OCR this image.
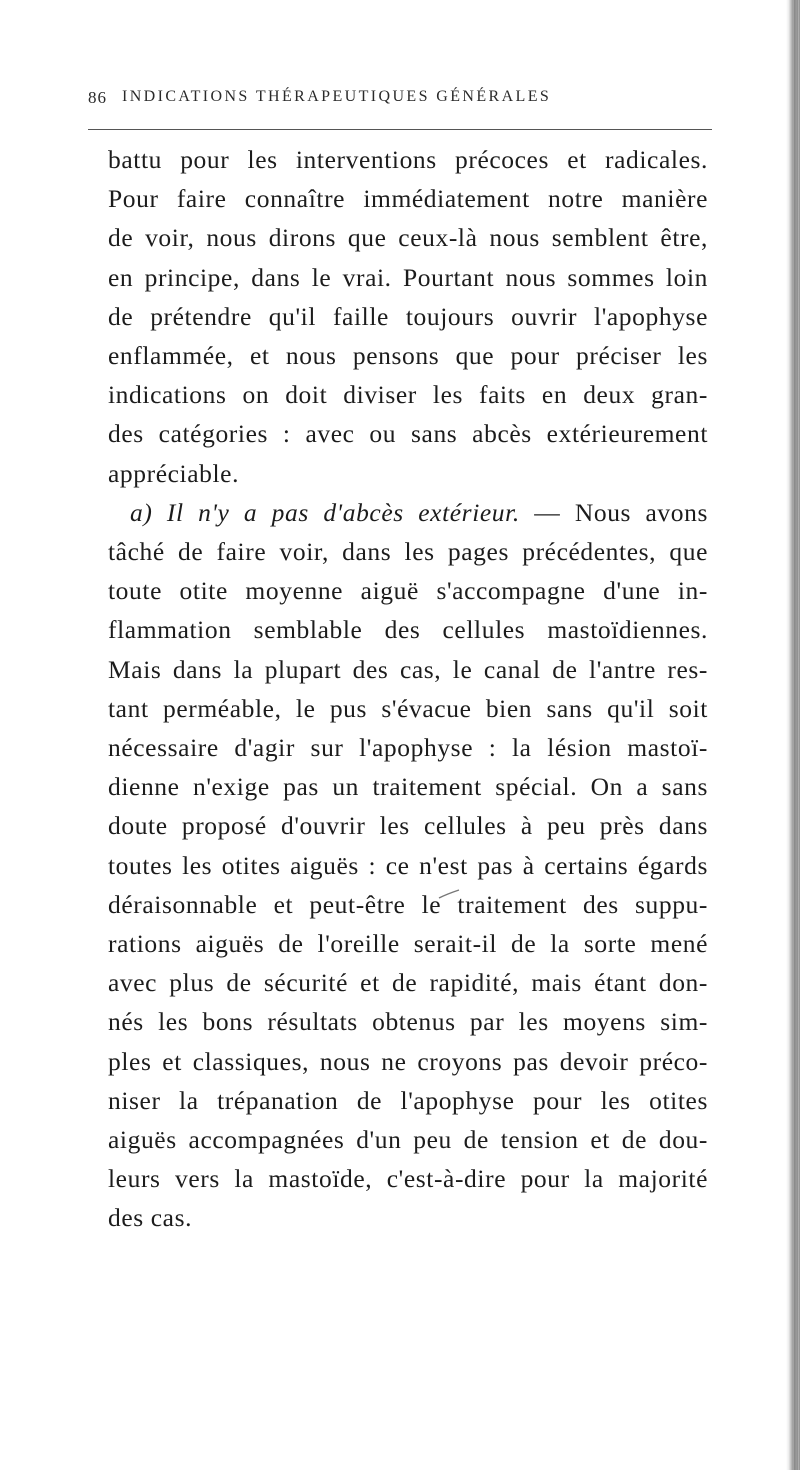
86 INDICATIONS THÉRAPEUTIQUES GÉNÉRALES
battu pour les interventions précoces et radicales.
Pour faire connaître immédiatement notre manière
de voir, nous dirons que ceux-là nous semblent être,
en principe, dans le vrai. Pourtant nous sommes loin
de prétendre qu'il faille toujours ouvrir l'apophyse
enflammée, et nous pensons que pour préciser les
indications on doit diviser les faits en deux gran-
des catégories : avec ou sans abcès extérieurement
appréciable.
a) Il n'y a pas d'abcès extérieur. — Nous avons
tâché de faire voir, dans les pages précédentes, que
toute otite moyenne aiguë s'accompagne d'une in-
flammation semblable des cellules mastoïdiennes.
Mais dans la plupart des cas, le canal de l'antre res-
tant perméable, le pus s'évacue bien sans qu'il soit
nécessaire d'agir sur l'apophyse : la lésion mastoï-
dienne n'exige pas un traitement spécial. On a sans
doute proposé d'ouvrir les cellules à peu près dans
toutes les otites aiguës : ce n'est pas à certains égards
déraisonnable et peut-être le traitement des suppu-
rations aiguës de l'oreille serait-il de la sorte mené
avec plus de sécurité et de rapidité, mais étant don-
nés les bons résultats obtenus par les moyens sim-
ples et classiques, nous ne croyons pas devoir préco-
niser la trépanation de l'apophyse pour les otites
aiguës accompagnées d'un peu de tension et de dou-
leurs vers la mastoïde, c'est-à-dire pour la majorité
des cas.
